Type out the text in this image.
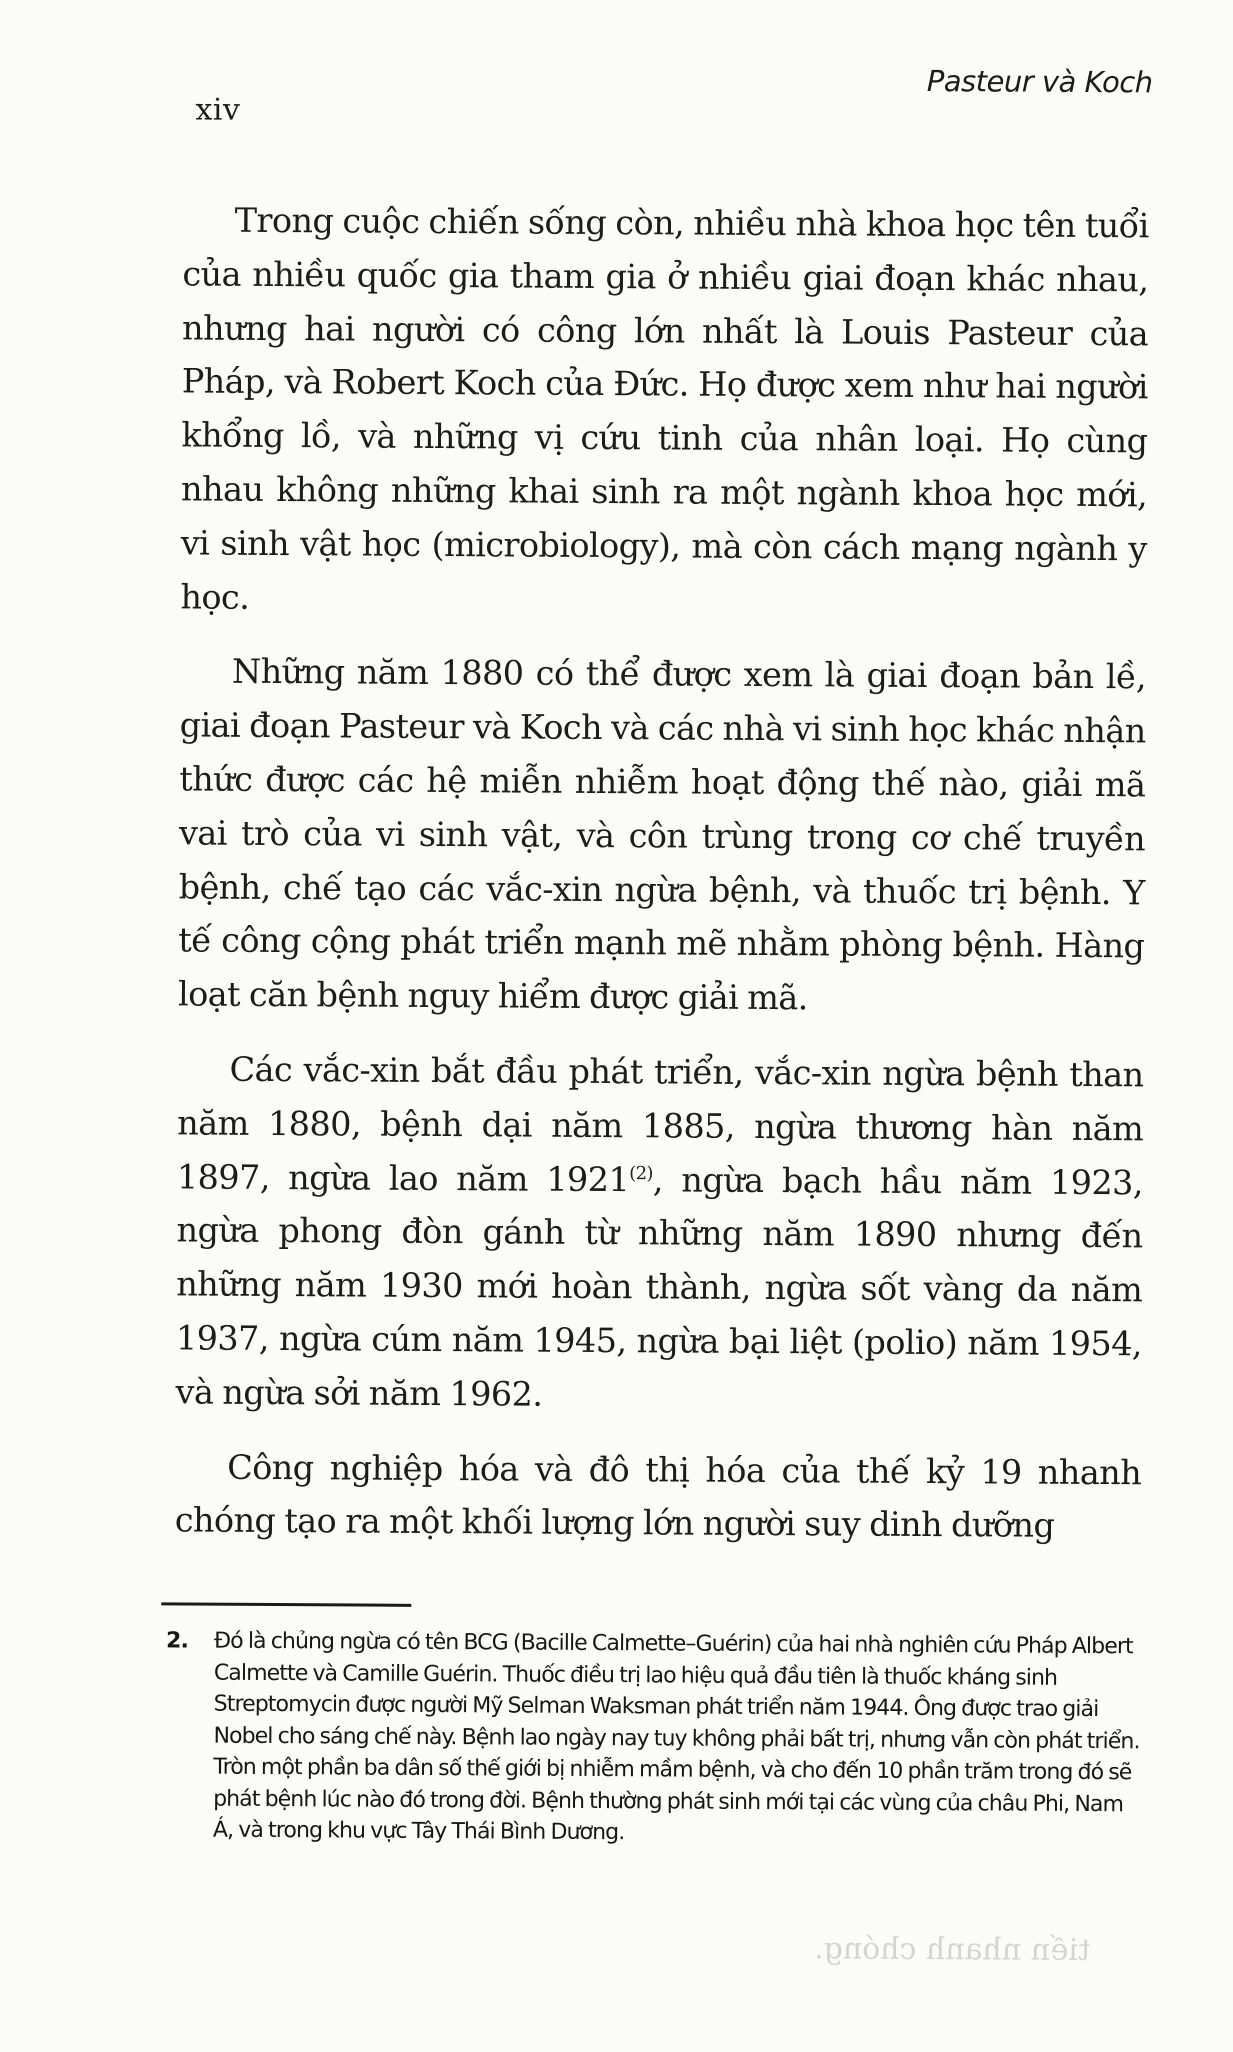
tiến nhanh chóng.
xiv
Pasteur và Koch

Trong cuộc chiến sống còn, nhiều nhà khoa học tên tuổi của nhiều quốc gia tham gia ở nhiều giai đoạn khác nhau, nhưng hai người có công lớn nhất là Louis Pasteur của Pháp, và Robert Koch của Đức. Họ được xem như hai người khổng lồ, và những vị cứu tinh của nhân loại. Họ cùng nhau không những khai sinh ra một ngành khoa học mới, vi sinh vật học (microbiology), mà còn cách mạng ngành y học.

Những năm 1880 có thể được xem là giai đoạn bản lề, giai đoạn Pasteur và Koch và các nhà vi sinh học khác nhận thức được các hệ miễn nhiễm hoạt động thế nào, giải mã vai trò của vi sinh vật, và côn trùng trong cơ chế truyền bệnh, chế tạo các vắc-xin ngừa bệnh, và thuốc trị bệnh. Y tế công cộng phát triển mạnh mẽ nhằm phòng bệnh. Hàng loạt căn bệnh nguy hiểm được giải mã.

Các vắc-xin bắt đầu phát triển, vắc-xin ngừa bệnh than năm 1880, bệnh dại năm 1885, ngừa thương hàn năm 1897, ngừa lao năm 1921$^{(2)}$, ngừa bạch hầu năm 1923, ngừa phong đòn gánh từ những năm 1890 nhưng đến những năm 1930 mới hoàn thành, ngừa sốt vàng da năm 1937, ngừa cúm năm 1945, ngừa bại liệt (polio) năm 1954, và ngừa sởi năm 1962.

Công nghiệp hóa và đô thị hóa của thế kỷ 19 nhanh chóng tạo ra một khối lượng lớn người suy dinh dưỡng

2.	Đó là chủng ngừa có tên BCG (Bacille Calmette–Guérin) của hai nhà nghiên cứu Pháp Albert Calmette và Camille Guérin. Thuốc điều trị lao hiệu quả đầu tiên là thuốc kháng sinh Streptomycin được người Mỹ Selman Waksman phát triển năm 1944. Ông được trao giải Nobel cho sáng chế này. Bệnh lao ngày nay tuy không phải bất trị, nhưng vẫn còn phát triển. Tròn một phần ba dân số thế giới bị nhiễm mầm bệnh, và cho đến 10 phần trăm trong đó sẽ phát bệnh lúc nào đó trong đời. Bệnh thường phát sinh mới tại các vùng của châu Phi, Nam Á, và trong khu vực Tây Thái Bình Dương.
